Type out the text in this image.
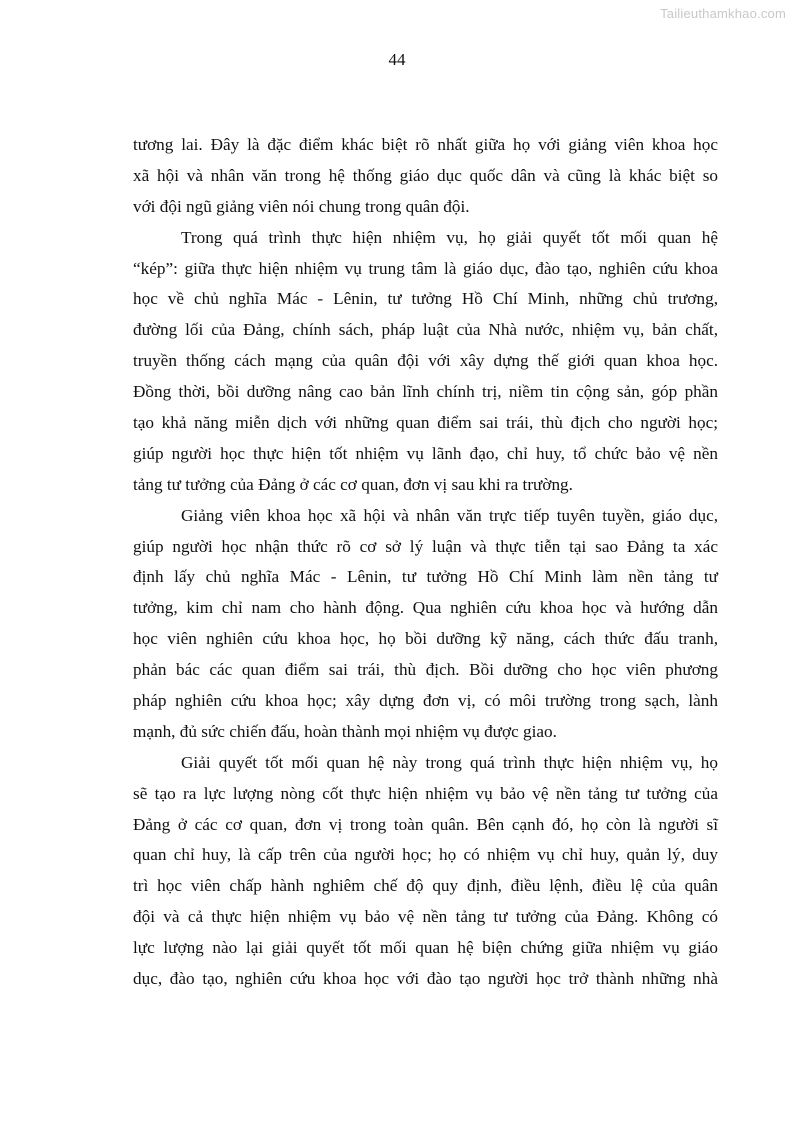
Tailieuthamkhao.com
44
tương lai. Đây là đặc điểm khác biệt rõ nhất giữa họ với giảng viên khoa học
xã hội và nhân văn trong hệ thống giáo dục quốc dân và cũng là khác biệt so
với đội ngũ giảng viên nói chung trong quân đội.
Trong quá trình thực hiện nhiệm vụ, họ giải quyết tốt mối quan hệ
“kép”: giữa thực hiện nhiệm vụ trung tâm là giáo dục, đào tạo, nghiên cứu khoa
học về chủ nghĩa Mác - Lênin, tư tưởng Hồ Chí Minh, những chủ trương,
đường lối của Đảng, chính sách, pháp luật của Nhà nước, nhiệm vụ, bản chất,
truyền thống cách mạng của quân đội với xây dựng thế giới quan khoa học.
Đồng thời, bồi dưỡng nâng cao bản lĩnh chính trị, niềm tin cộng sản, góp phần
tạo khả năng miễn dịch với những quan điểm sai trái, thù địch cho người học;
giúp người học thực hiện tốt nhiệm vụ lãnh đạo, chỉ huy, tổ chức bảo vệ nền
tảng tư tưởng của Đảng ở các cơ quan, đơn vị sau khi ra trường.
Giảng viên khoa học xã hội và nhân văn trực tiếp tuyên tuyền, giáo dục,
giúp người học nhận thức rõ cơ sở lý luận và thực tiễn tại sao Đảng ta xác
định lấy chủ nghĩa Mác - Lênin, tư tưởng Hồ Chí Minh làm nền tảng tư
tưởng, kim chỉ nam cho hành động. Qua nghiên cứu khoa học và hướng dẫn
học viên nghiên cứu khoa học, họ bồi dưỡng kỹ năng, cách thức đấu tranh,
phản bác các quan điểm sai trái, thù địch. Bồi dưỡng cho học viên phương
pháp nghiên cứu khoa học; xây dựng đơn vị, có môi trường trong sạch, lành
mạnh, đủ sức chiến đấu, hoàn thành mọi nhiệm vụ được giao.
Giải quyết tốt mối quan hệ này trong quá trình thực hiện nhiệm vụ, họ
sẽ tạo ra lực lượng nòng cốt thực hiện nhiệm vụ bảo vệ nền tảng tư tưởng của
Đảng ở các cơ quan, đơn vị trong toàn quân. Bên cạnh đó, họ còn là người sĩ
quan chỉ huy, là cấp trên của người học; họ có nhiệm vụ chỉ huy, quản lý, duy
trì học viên chấp hành nghiêm chế độ quy định, điều lệnh, điều lệ của quân
đội và cả thực hiện nhiệm vụ bảo vệ nền tảng tư tưởng của Đảng. Không có
lực lượng nào lại giải quyết tốt mối quan hệ biện chứng giữa nhiệm vụ giáo
dục, đào tạo, nghiên cứu khoa học với đào tạo người học trở thành những nhà
